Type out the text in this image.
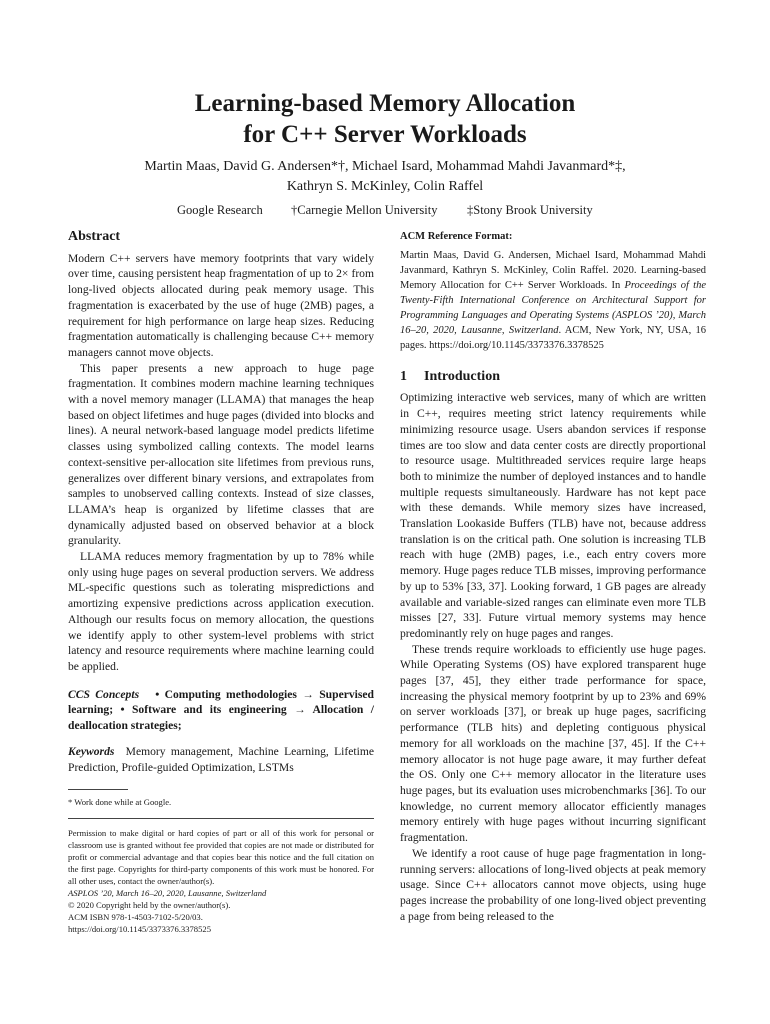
Learning-based Memory Allocation
for C++ Server Workloads
Martin Maas, David G. Andersen*†, Michael Isard, Mohammad Mahdi Javanmard*‡,
Kathryn S. McKinley, Colin Raffel
Google Research †Carnegie Mellon University ‡Stony Brook University
Abstract

Modern C++ servers have memory footprints that vary widely over time, causing persistent heap fragmentation of up to 2× from long-lived objects allocated during peak memory usage. This fragmentation is exacerbated by the use of huge (2MB) pages, a requirement for high performance on large heap sizes. Reducing fragmentation automatically is challenging because C++ memory managers cannot move objects.

This paper presents a new approach to huge page fragmentation. It combines modern machine learning techniques with a novel memory manager (LLAMA) that manages the heap based on object lifetimes and huge pages (divided into blocks and lines). A neural network-based language model predicts lifetime classes using symbolized calling contexts. The model learns context-sensitive per-allocation site lifetimes from previous runs, generalizes over different binary versions, and extrapolates from samples to unobserved calling contexts. Instead of size classes, LLAMA’s heap is organized by lifetime classes that are dynamically adjusted based on observed behavior at a block granularity.

LLAMA reduces memory fragmentation by up to 78% while only using huge pages on several production servers. We address ML-specific questions such as tolerating mispredictions and amortizing expensive predictions across application execution. Although our results focus on memory allocation, the questions we identify apply to other system-level problems with strict latency and resource requirements where machine learning could be applied.

CCS Concepts • Computing methodologies → Supervised learning; • Software and its engineering → Allocation / deallocation strategies;
Keywords Memory management, Machine Learning, Lifetime Prediction, Profile-guided Optimization, LSTMs
* Work done while at Google.
Permission to make digital or hard copies of part or all of this work for personal or classroom use is granted without fee provided that copies are not made or distributed for profit or commercial advantage and that copies bear this notice and the full citation on the first page. Copyrights for third-party components of this work must be honored. For all other uses, contact the owner/author(s).
ASPLOS ’20, March 16–20, 2020, Lausanne, Switzerland
© 2020 Copyright held by the owner/author(s).
ACM ISBN 978-1-4503-7102-5/20/03.
https://doi.org/10.1145/3373376.3378525
ACM Reference Format:

Martin Maas, David G. Andersen, Michael Isard, Mohammad Mahdi Javanmard, Kathryn S. McKinley, Colin Raffel. 2020. Learning-based Memory Allocation for C++ Server Workloads. In Proceedings of the Twenty-Fifth International Conference on Architectural Support for Programming Languages and Operating Systems (ASPLOS ’20), March 16–20, 2020, Lausanne, Switzerland. ACM, New York, NY, USA, 16 pages. https://doi.org/10.1145/3373376.3378525

1 Introduction

Optimizing interactive web services, many of which are written in C++, requires meeting strict latency requirements while minimizing resource usage. Users abandon services if response times are too slow and data center costs are directly proportional to resource usage. Multithreaded services require large heaps both to minimize the number of deployed instances and to handle multiple requests simultaneously. Hardware has not kept pace with these demands. While memory sizes have increased, Translation Lookaside Buffers (TLB) have not, because address translation is on the critical path. One solution is increasing TLB reach with huge (2MB) pages, i.e., each entry covers more memory. Huge pages reduce TLB misses, improving performance by up to 53% [33, 37]. Looking forward, 1 GB pages are already available and variable-sized ranges can eliminate even more TLB misses [27, 33]. Future virtual memory systems may hence predominantly rely on huge pages and ranges.

These trends require workloads to efficiently use huge pages. While Operating Systems (OS) have explored transparent huge pages [37, 45], they either trade performance for space, increasing the physical memory footprint by up to 23% and 69% on server workloads [37], or break up huge pages, sacrificing performance (TLB hits) and depleting contiguous physical memory for all workloads on the machine [37, 45]. If the C++ memory allocator is not huge page aware, it may further defeat the OS. Only one C++ memory allocator in the literature uses huge pages, but its evaluation uses microbenchmarks [36]. To our knowledge, no current memory allocator efficiently manages memory entirely with huge pages without incurring significant fragmentation.

We identify a root cause of huge page fragmentation in long-running servers: allocations of long-lived objects at peak memory usage. Since C++ allocators cannot move objects, using huge pages increase the probability of one long-lived object preventing a page from being released to the
